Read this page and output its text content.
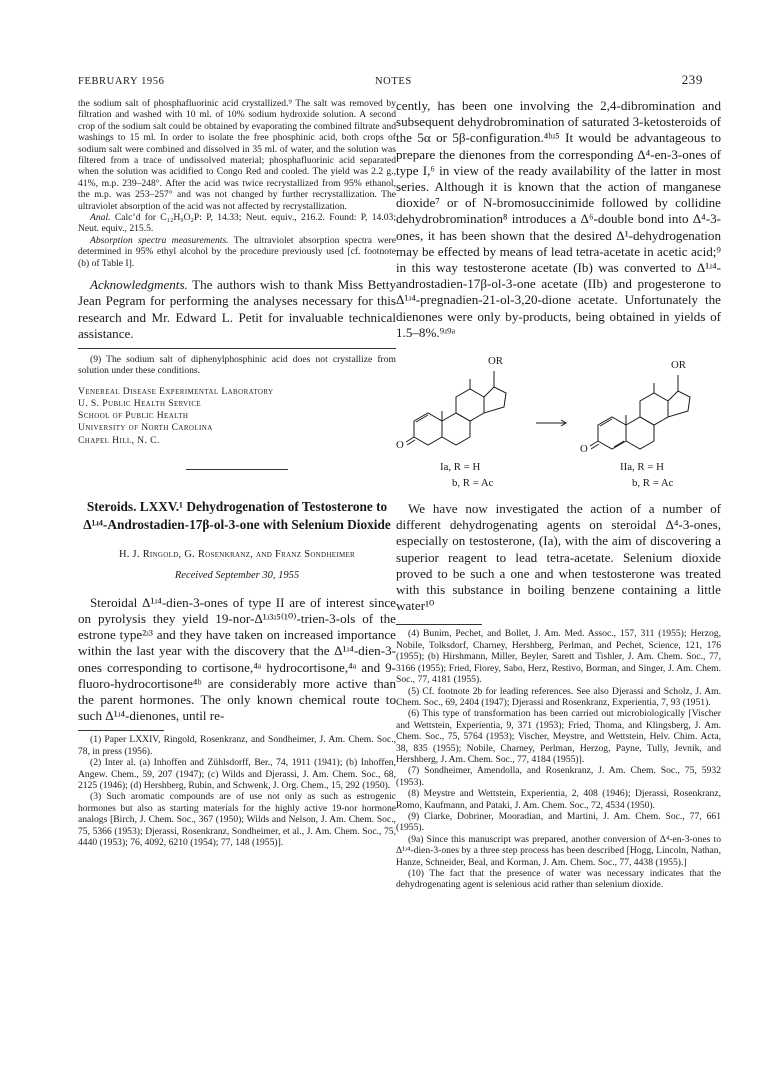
FEBRUARY 1956	NOTES	239

the sodium salt of phosphafluorinic acid crystallized.⁹ The salt was removed by filtration and washed with 10 ml. of 10% sodium hydroxide solution. A second crop of the sodium salt could be obtained by evaporating the combined filtrate and washings to 15 ml. In order to isolate the free phosphinic acid, both crops of sodium salt were combined and dissolved in 35 ml. of water, and the solution was filtered from a trace of undissolved material; phosphafluorinic acid separated when the solution was acidified to Congo Red and cooled. The yield was 2.2 g., 41%, m.p. 239–248°. After the acid was twice recrystallized from 95% ethanol, the m.p. was 253–257° and was not changed by further recrystallization. The ultraviolet absorption of the acid was not affected by recrystallization.

Anal. Calc’d for C₁₂H₉O₂P: P, 14.33; Neut. equiv., 216.2. Found: P, 14.03; Neut. equiv., 215.5.

Absorption spectra measurements. The ultraviolet absorption spectra were determined in 95% ethyl alcohol by the procedure previously used [cf. footnote (b) of Table I].

Acknowledgments. The authors wish to thank Miss Betty Jean Pegram for performing the analyses necessary for this research and Mr. Edward L. Petit for invaluable technical assistance.

(9) The sodium salt of diphenylphosphinic acid does not crystallize from solution under these conditions.

Venereal Disease Experimental Laboratory

U. S. Public Health Service

School of Public Health

University of North Carolina

Chapel Hill, N. C.

Steroids. LXXV.¹ Dehydrogenation of Testosterone to Δ¹ʴ⁴-Androstadien-17β-ol-3-one with Selenium Dioxide

H. J. Ringold, G. Rosenkranz, and Franz Sondheimer

Received September 30, 1955

Steroidal Δ¹ʴ⁴-dien-3-ones of type II are of interest since on pyrolysis they yield 19-nor-Δ¹ʴ³ʴ⁵⁽¹⁰⁾-trien-3-ols of the estrone type²ʴ³ and they have taken on increased importance within the last year with the discovery that the Δ¹ʴ⁴-dien-3-ones corresponding to cortisone,⁴ᵃ hydrocortisone,⁴ᵃ and 9-fluoro-hydrocortisone⁴ᵇ are considerably more active than the parent hormones. The only known chemical route to such Δ¹ʴ⁴-dienones, until re-

(1) Paper LXXIV, Ringold, Rosenkranz, and Sondheimer, J. Am. Chem. Soc., 78, in press (1956).

(2) Inter al. (a) Inhoffen and Zühlsdorff, Ber., 74, 1911 (1941); (b) Inhoffen, Angew. Chem., 59, 207 (1947); (c) Wilds and Djerassi, J. Am. Chem. Soc., 68, 2125 (1946); (d) Hershberg, Rubin, and Schwenk, J. Org. Chem., 15, 292 (1950).

(3) Such aromatic compounds are of use not only as such as estrogenic hormones but also as starting materials for the highly active 19-nor hormone analogs [Birch, J. Chem. Soc., 367 (1950); Wilds and Nelson, J. Am. Chem. Soc., 75, 5366 (1953); Djerassi, Rosenkranz, Sondheimer, et al., J. Am. Chem. Soc., 75, 4440 (1953); 76, 4092, 6210 (1954); 77, 148 (1955)].

cently, has been one involving the 2,4-dibromination and subsequent dehydrobromination of saturated 3-ketosteroids of the 5α or 5β-configuration.⁴ᵇʴ⁵ It would be advantageous to prepare the dienones from the corresponding Δ⁴-en-3-ones of type I,⁶ in view of the ready availability of the latter in most series. Although it is known that the action of manganese dioxide⁷ or of N-bromosuccinimide followed by collidine dehydrobromination⁸ introduces a Δ⁶-double bond into Δ⁴-3-ones, it has been shown that the desired Δ¹-dehydrogenation may be effected by means of lead tetra-acetate in acetic acid;⁹ in this way testosterone acetate (Ib) was converted to Δ¹ʴ⁴-androstadien-17β-ol-3-one acetate (IIb) and progesterone to Δ¹ʴ⁴-pregnadien-21-ol-3,20-dione acetate. Unfortunately the dienones were only by-products, being obtained in yields of 1.5–8%.⁹ʴ⁹ᵃ

OR	OR
O	O
Ia, R = H
b, R = Ac
IIa, R = H
b, R = Ac

We have now investigated the action of a number of different dehydrogenating agents on steroidal Δ⁴-3-ones, especially on testosterone, (Ia), with the aim of discovering a superior reagent to lead tetra-acetate. Selenium dioxide proved to be such a one and when testosterone was treated with this substance in boiling benzene containing a little water¹⁰

(4) Bunim, Pechet, and Bollet, J. Am. Med. Assoc., 157, 311 (1955); Herzog, Nobile, Tolksdorf, Charney, Hershberg, Perlman, and Pechet, Science, 121, 176 (1955); (b) Hirshmann, Miller, Beyler, Sarett and Tishler, J. Am. Chem. Soc., 77, 3166 (1955); Fried, Florey, Sabo, Herz, Restivo, Borman, and Singer, J. Am. Chem. Soc., 77, 4181 (1955).

(5) Cf. footnote 2b for leading references. See also Djerassi and Scholz, J. Am. Chem. Soc., 69, 2404 (1947); Djerassi and Rosenkranz, Experientia, 7, 93 (1951).

(6) This type of transformation has been carried out microbiologically [Vischer and Wettstein, Experientia, 9, 371 (1953); Fried, Thoma, and Klingsberg, J. Am. Chem. Soc., 75, 5764 (1953); Vischer, Meystre, and Wettstein, Helv. Chim. Acta, 38, 835 (1955); Nobile, Charney, Perlman, Herzog, Payne, Tully, Jevnik, and Hershberg, J. Am. Chem. Soc., 77, 4184 (1955)].

(7) Sondheimer, Amendolla, and Rosenkranz, J. Am. Chem. Soc., 75, 5932 (1953).

(8) Meystre and Wettstein, Experientia, 2, 408 (1946); Djerassi, Rosenkranz, Romo, Kaufmann, and Pataki, J. Am. Chem. Soc., 72, 4534 (1950).

(9) Clarke, Dobriner, Mooradian, and Martini, J. Am. Chem. Soc., 77, 661 (1955).

(9a) Since this manuscript was prepared, another conversion of Δ⁴-en-3-ones to Δ¹ʴ⁴-dien-3-ones by a three step process has been described [Hogg, Lincoln, Nathan, Hanze, Schneider, Beal, and Korman, J. Am. Chem. Soc., 77, 4438 (1955).]

(10) The fact that the presence of water was necessary indicates that the dehydrogenating agent is selenious acid rather than selenium dioxide.
